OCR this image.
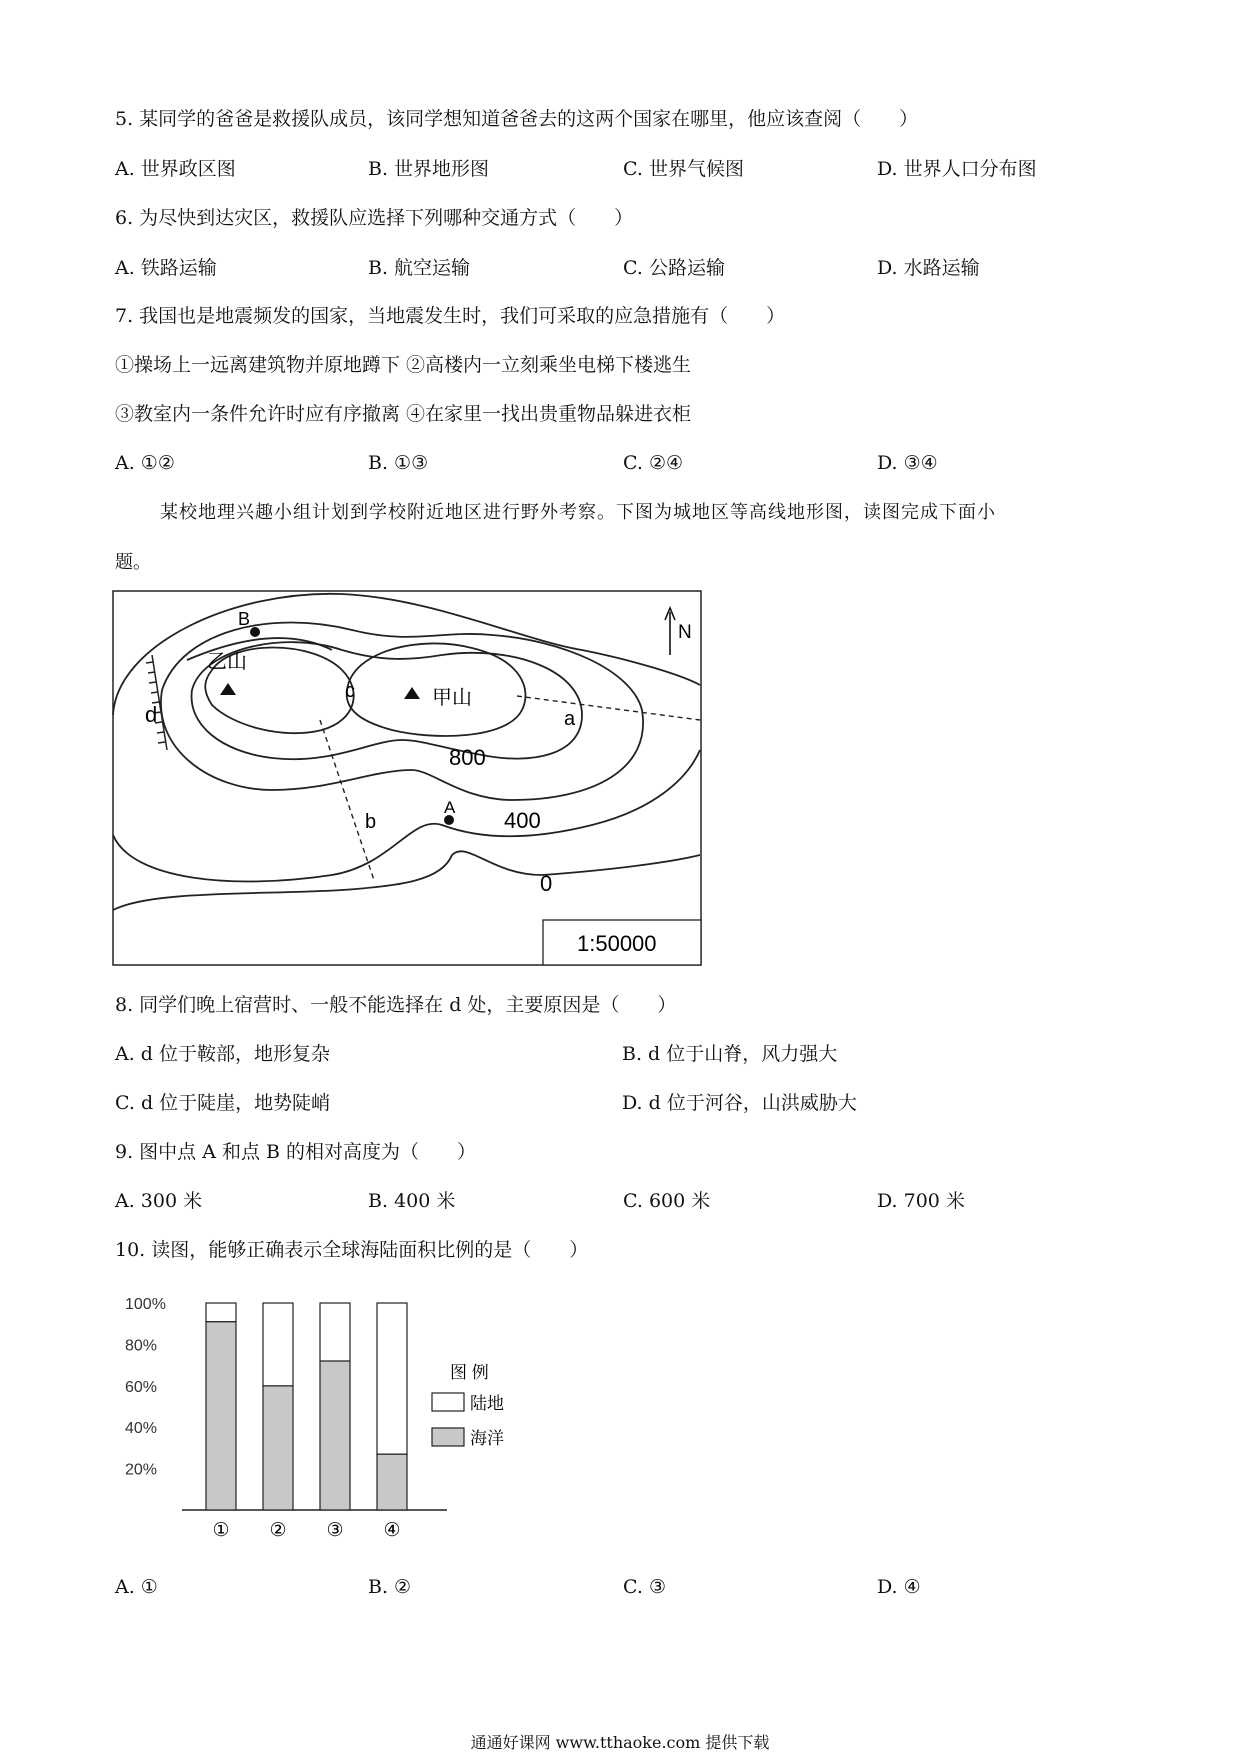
5. 某同学的爸爸是救援队成员，该同学想知道爸爸去的这两个国家在哪里，他应该查阅（　　）
A. 世界政区图	B. 世界地形图	C. 世界气候图	D. 世界人口分布图
6. 为尽快到达灾区，救援队应选择下列哪种交通方式（　　）
A. 铁路运输	B. 航空运输	C. 公路运输	D. 水路运输
7. 我国也是地震频发的国家，当地震发生时，我们可采取的应急措施有（　　）
①操场上一远离建筑物并原地蹲下 ②高楼内一立刻乘坐电梯下楼逃生
③教室内一条件允许时应有序撤离 ④在家里一找出贵重物品躲进衣柜
A. ①②	B. ①③	C. ②④	D. ③④
某校地理兴趣小组计划到学校附近地区进行野外考察。下图为城地区等高线地形图，读图完成下面小
题。
B
乙山
c	甲山
N
a
d
800
A
400
b
0
1:50000
8. 同学们晚上宿营时、一般不能选择在 d 处，主要原因是（　　）
A. d 位于鞍部，地形复杂	B. d 位于山脊，风力强大
C. d 位于陡崖，地势陡峭	D. d 位于河谷，山洪威胁大
9. 图中点 A 和点 B 的相对高度为（　　）
A. 300 米	B. 400 米	C. 600 米	D. 700 米
10. 读图，能够正确表示全球海陆面积比例的是（　　）
100%
80%
60%
40%
20%
① ② ③ ④
图 例
陆地
海洋
A. ①	B. ②	C. ③	D. ④
通通好课网 www.tthaoke.com 提供下载
